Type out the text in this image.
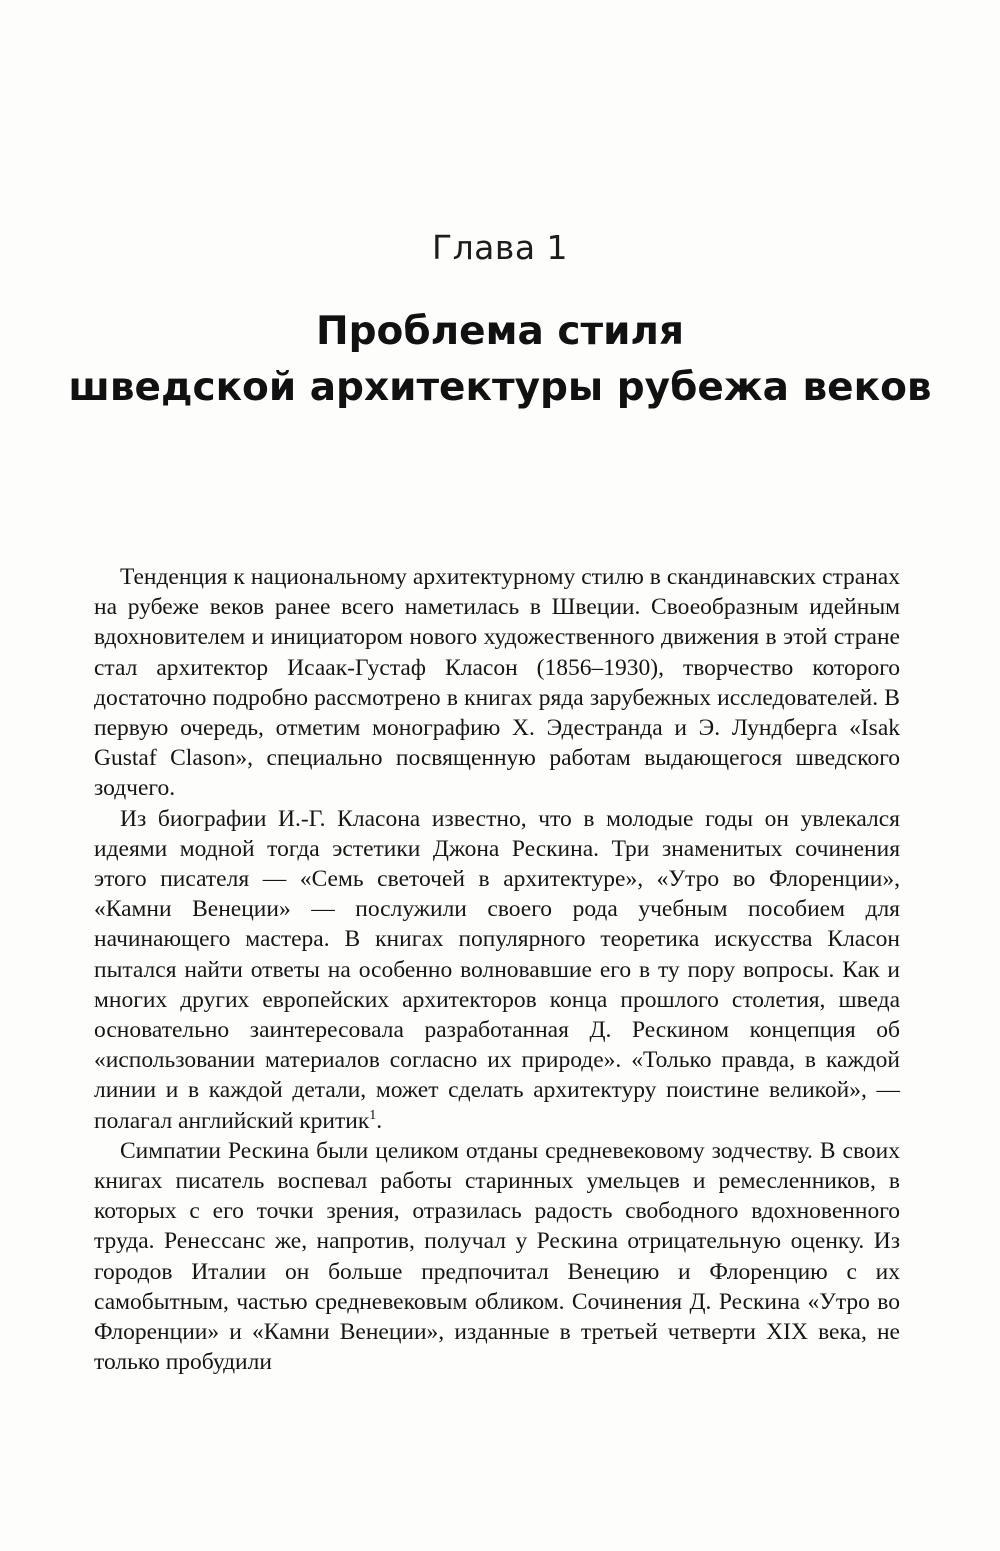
Глава 1
Проблема стиля
шведской архитектуры рубежа веков

Тенденция к национальному архитектурному стилю в скандинавских странах на рубеже веков ранее всего наметилась в Швеции. Своеобразным идейным вдохновителем и инициатором нового художественного движения в этой стране стал архитектор Исаак-Густаф Класон (1856–1930), творчество которого достаточно подробно рассмотрено в книгах ряда зарубежных исследователей. В первую очередь, отметим монографию Х. Эдестранда и Э. Лундберга «Isak Gustaf Clason», специально посвященную работам выдающегося шведского зодчего.

Из биографии И.-Г. Класона известно, что в молодые годы он увлекался идеями модной тогда эстетики Джона Рескина. Три знаменитых сочинения этого писателя — «Семь светочей в архитектуре», «Утро во Флоренции», «Камни Венеции» — послужили своего рода учебным пособием для начинающего мастера. В книгах популярного теоретика искусства Класон пытался найти ответы на особенно волновавшие его в ту пору вопросы. Как и многих других европейских архитекторов конца прошлого столетия, шведа основательно заинтересовала разработанная Д. Рескином концепция об «использовании материалов согласно их природе». «Только правда, в каждой линии и в каждой детали, может сделать архитектуру поистине великой», — полагал английский критик$^1$.

Симпатии Рескина были целиком отданы средневековому зодчеству. В своих книгах писатель воспевал работы старинных умельцев и ремесленников, в которых с его точки зрения, отразилась радость свободного вдохновенного труда. Ренессанс же, напротив, получал у Рескина отрицательную оценку. Из городов Италии он больше предпочитал Венецию и Флоренцию с их самобытным, частью средневековым обликом. Сочинения Д. Рескина «Утро во Флоренции» и «Камни Венеции», изданные в третьей четверти XIX века, не только пробудили
